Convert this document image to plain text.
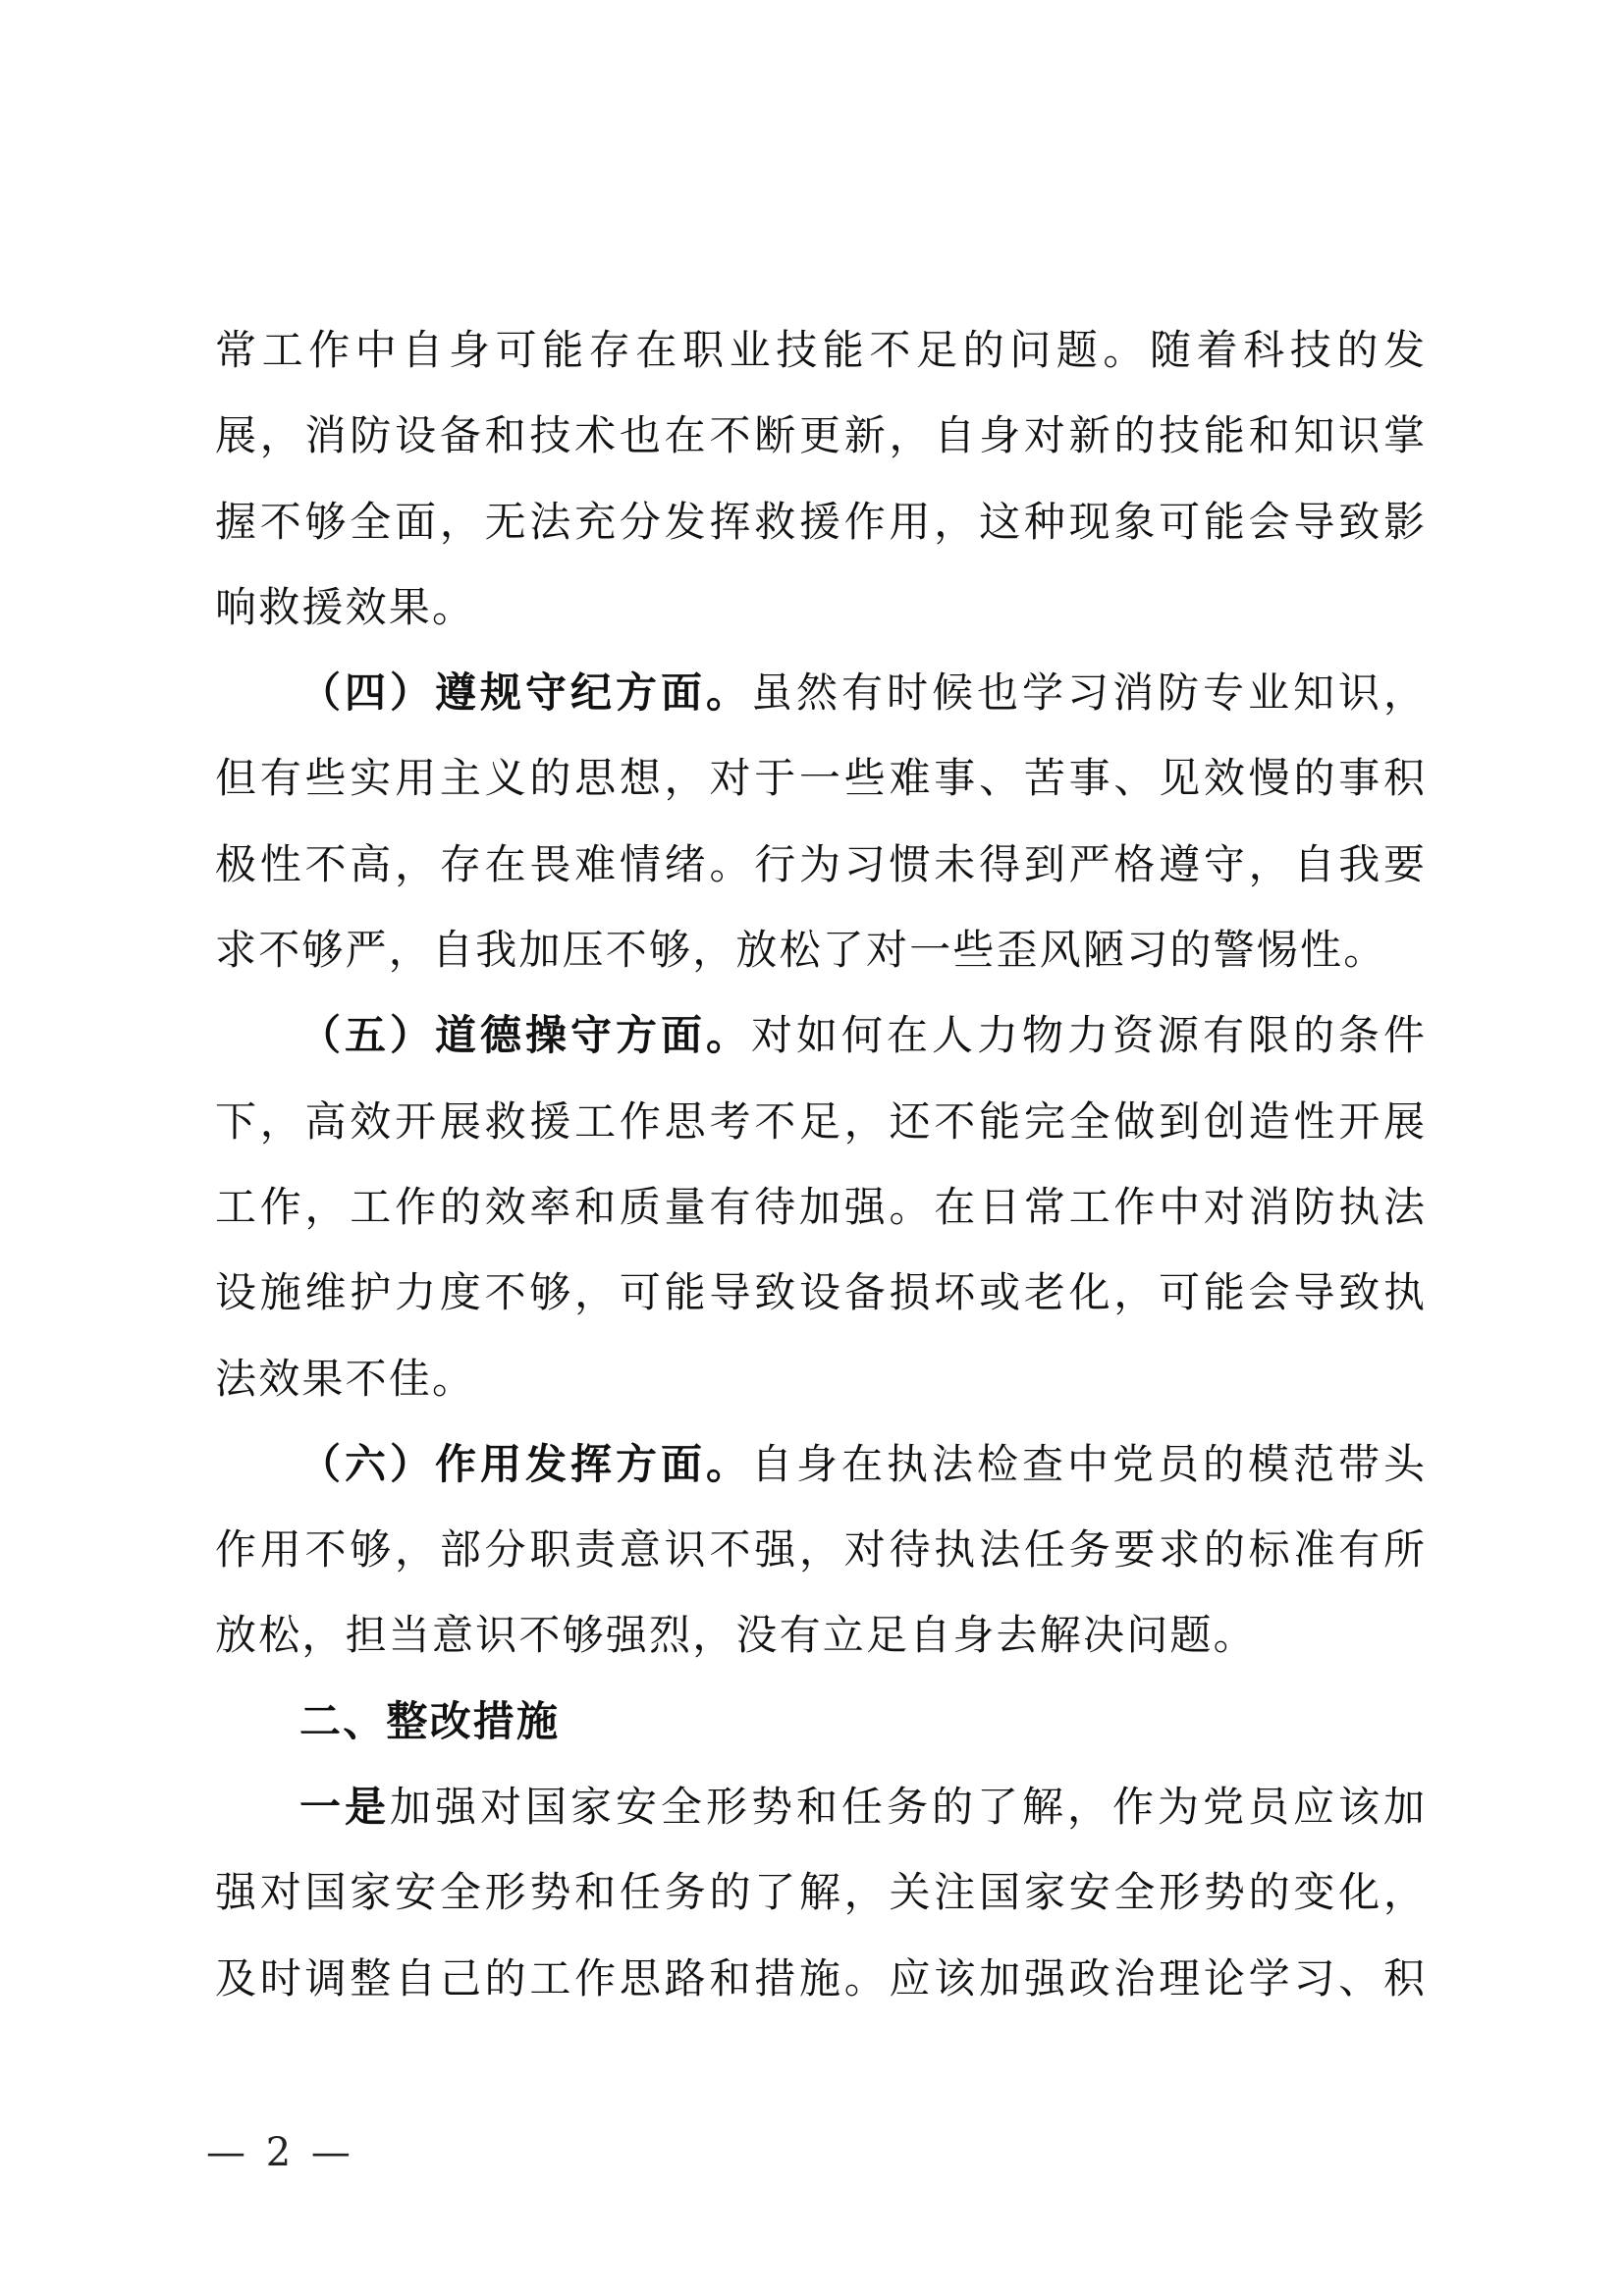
常工作中自身可能存在职业技能不足的问题。随着科技的发
展，消防设备和技术也在不断更新，自身对新的技能和知识掌
握不够全面，无法充分发挥救援作用，这种现象可能会导致影
响救援效果。
（四）遵规守纪方面。虽然有时候也学习消防专业知识，
但有些实用主义的思想，对于一些难事、苦事、见效慢的事积
极性不高，存在畏难情绪。行为习惯未得到严格遵守，自我要
求不够严，自我加压不够，放松了对一些歪风陋习的警惕性。
（五）道德操守方面。对如何在人力物力资源有限的条件
下，高效开展救援工作思考不足，还不能完全做到创造性开展
工作，工作的效率和质量有待加强。在日常工作中对消防执法
设施维护力度不够，可能导致设备损坏或老化，可能会导致执
法效果不佳。
（六）作用发挥方面。自身在执法检查中党员的模范带头
作用不够，部分职责意识不强，对待执法任务要求的标准有所
放松，担当意识不够强烈，没有立足自身去解决问题。
二、整改措施
一是加强对国家安全形势和任务的了解，作为党员应该加
强对国家安全形势和任务的了解，关注国家安全形势的变化，
及时调整自己的工作思路和措施。应该加强政治理论学习、积
— 2 —
